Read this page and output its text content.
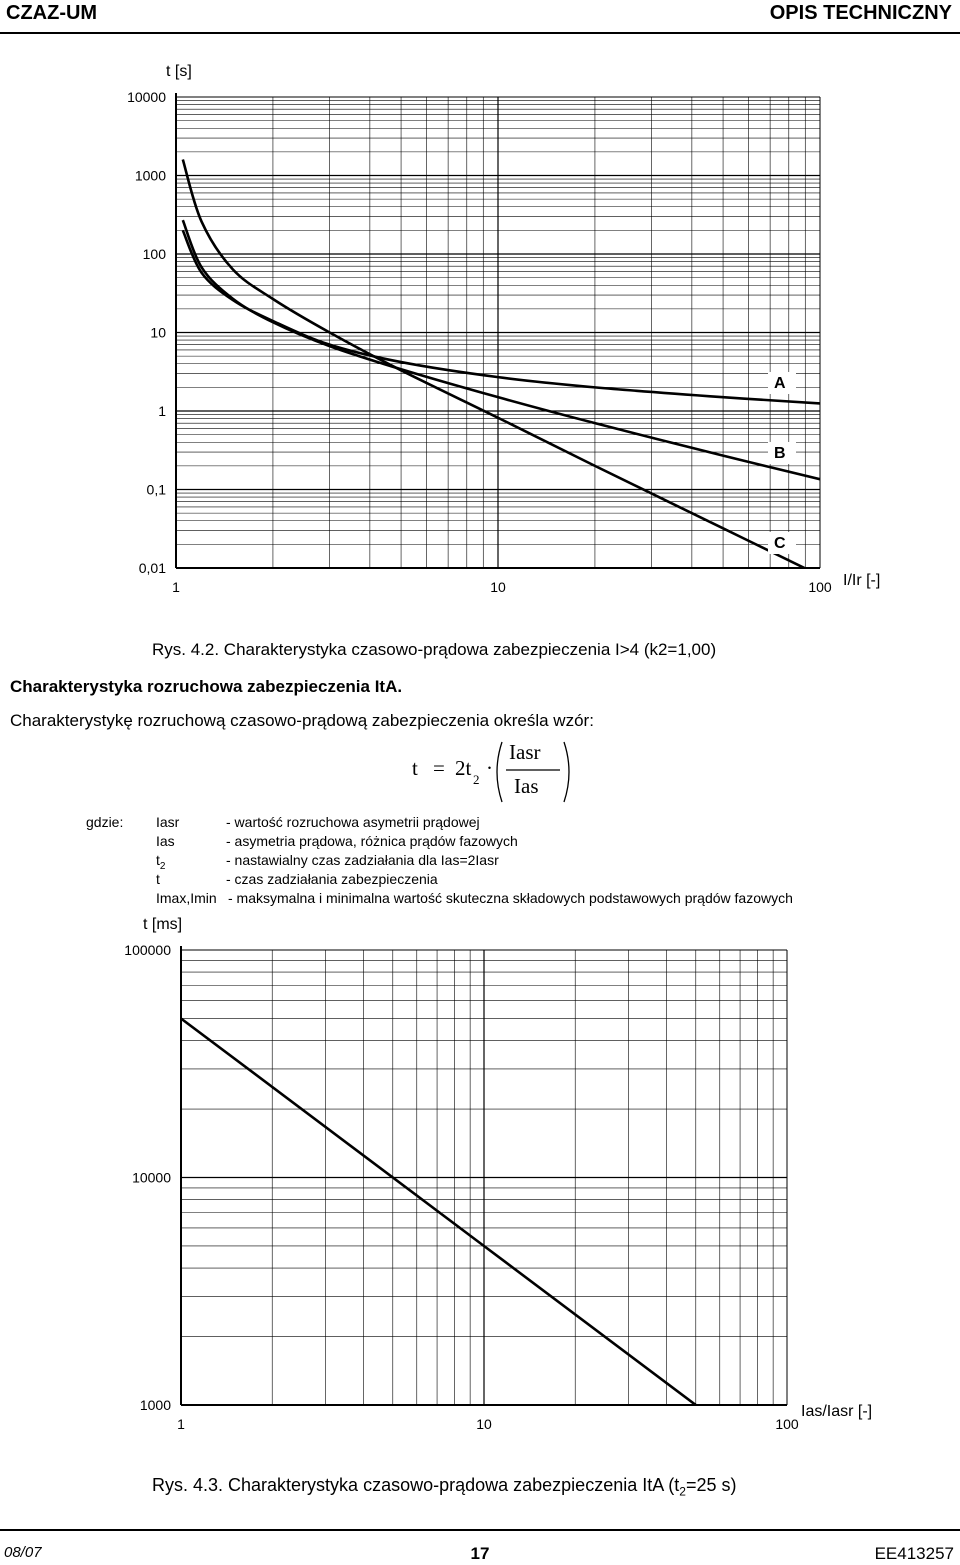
CZAZ-UM	OPIS TECHNICZNY
10000
1000
100
10
1
0,1
0,01
1	10	100
t [s]
I/Ir [-]
A
B
C
Rys. 4.2. Charakterystyka czasowo-prądowa zabezpieczenia I>4 (k2=1,00)
Charakterystyka rozruchowa zabezpieczenia ItA.
Charakterystykę rozruchową czasowo-prądową zabezpieczenia określa wzór:
t = 2t 2 ·
Iasr
Ias
gdzie: Iasr	- wartość rozruchowa asymetrii prądowej
Ias	- asymetria prądowa, różnica prądów fazowych
$t_2$	- nastawialny czas zadziałania dla Ias=2Iasr
t	- czas zadziałania zabezpieczenia
Imax,Imin - maksymalna i minimalna wartość skuteczna składowych podstawowych prądów fazowych
100000
10000
1000
1	10	100
t [ms]
Ias/Iasr [-]
Rys. 4.3. Charakterystyka czasowo-prądowa zabezpieczenia ItA ($t_2=25$ s)
08/07	17	EE413257
